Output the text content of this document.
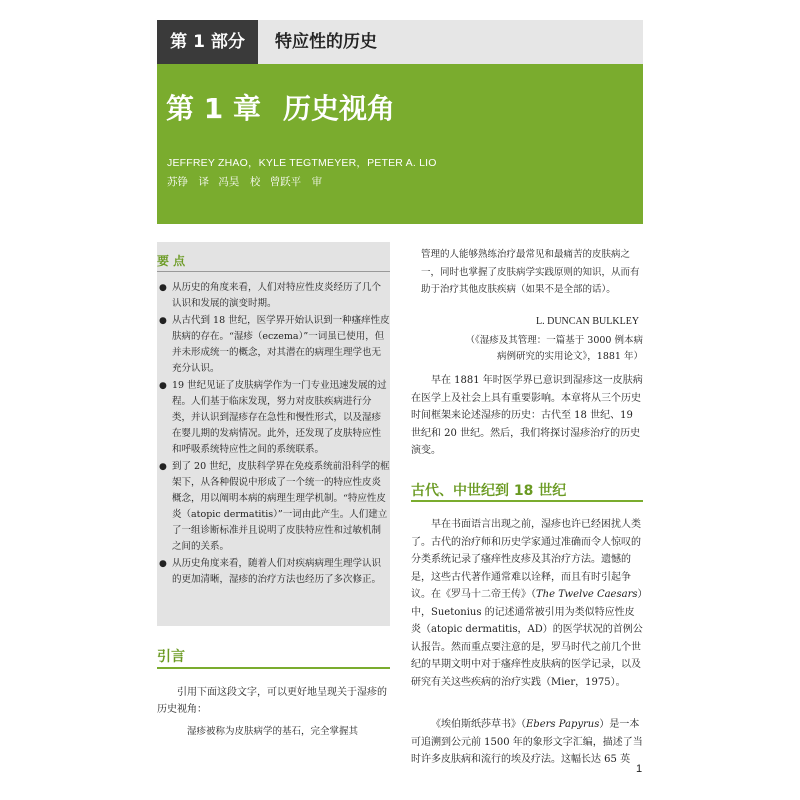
第 1 部分	特应性的历史
第 1 章 历史视角
JEFFREY ZHAO，KYLE TEGTMEYER，PETER A. LIO
苏铮　译 冯昊　校 曾跃平　审
要 点
● 从历史的角度来看，人们对特应性皮炎经历了几个认识和发展的演变时期。
● 从古代到 18 世纪，医学界开始认识到一种瘙痒性皮肤病的存在。“湿疹（eczema）”一词虽已使用，但并未形成统一的概念，对其潜在的病理生理学也无充分认识。
● 19 世纪见证了皮肤病学作为一门专业迅速发展的过程。人们基于临床发现，努力对皮肤疾病进行分类，并认识到湿疹存在急性和慢性形式，以及湿疹在婴儿期的发病情况。此外，还发现了皮肤特应性和呼吸系统特应性之间的系统联系。
● 到了 20 世纪，皮肤科学界在免疫系统前沿科学的框架下，从各种假说中形成了一个统一的特应性皮炎概念，用以阐明本病的病理生理学机制。“特应性皮炎（atopic dermatitis）”一词由此产生。人们建立了一组诊断标准并且说明了皮肤特应性和过敏机制之间的关系。
● 从历史角度来看，随着人们对疾病病理生理学认识的更加清晰，湿疹的治疗方法也经历了多次修正。
引言

引用下面这段文字，可以更好地呈现关于湿疹的历史视角：

湿疹被称为皮肤病学的基石，完全掌握其

管理的人能够熟练治疗最常见和最痛苦的皮肤病之一，同时也掌握了皮肤病学实践原则的知识，从而有助于治疗其他皮肤疾病（如果不是全部的话）。

L. DUNCAN BULKLEY
（《湿疹及其管理：一篇基于 3000 例本病病例研究的实用论文》，1881 年）

早在 1881 年时医学界已意识到湿疹这一皮肤病在医学上及社会上具有重要影响。本章将从三个历史时间框架来论述湿疹的历史：古代至 18 世纪、19 世纪和 20 世纪。然后，我们将探讨湿疹治疗的历史演变。

古代、中世纪到 18 世纪

早在书面语言出现之前，湿疹也许已经困扰人类了。古代的治疗师和历史学家通过准确而令人惊叹的分类系统记录了瘙痒性皮疹及其治疗方法。遗憾的是，这些古代著作通常难以诠释，而且有时引起争议。在《罗马十二帝王传》（The Twelve Caesars）中，Suetonius 的记述通常被引用为类似特应性皮炎（atopic dermatitis，AD）的医学状况的首例公认报告。然而重点要注意的是，罗马时代之前几个世纪的早期文明中对于瘙痒性皮肤病的医学记录，以及研究有关这些疾病的治疗实践（Mier，1975）。

《埃伯斯纸莎草书》（Ebers Papyrus）是一本可追溯到公元前 1500 年的象形文字汇编，描述了当时许多皮肤病和流行的埃及疗法。这幅长达 65 英

1
